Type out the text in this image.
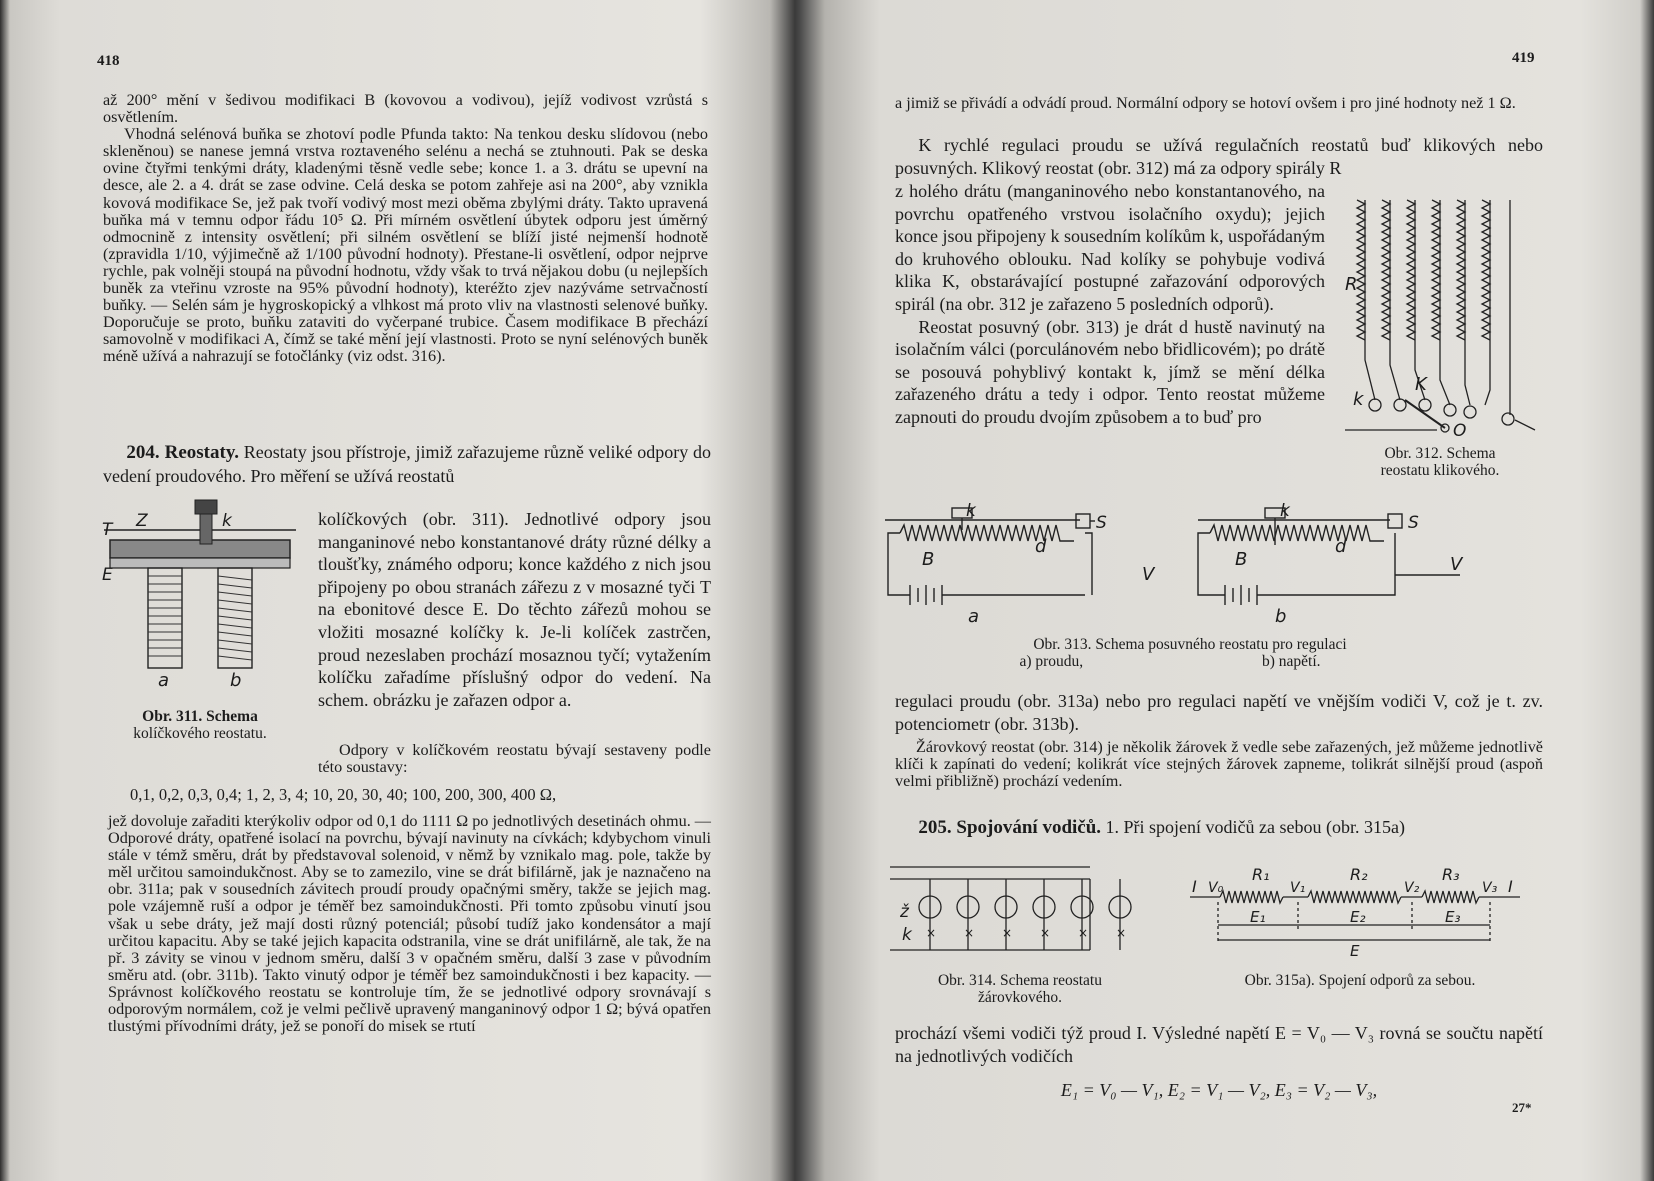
418

až 200° mění v šedivou modifikaci B (kovovou a vodivou), jejíž vodivost vzrůstá s osvětlením.

Vhodná selénová buňka se zhotoví podle Pfunda takto: Na tenkou desku slídovou (nebo skleněnou) se nanese jemná vrstva roztaveného selénu a nechá se ztuhnouti. Pak se deska ovine čtyřmi tenkými dráty, kladenými těsně vedle sebe; konce 1. a 3. drátu se upevní na desce, ale 2. a 4. drát se zase odvine. Celá deska se potom zahřeje asi na 200°, aby vznikla kovová modifikace Se, jež pak tvoří vodivý most mezi oběma zbylými dráty. Takto upravená buňka má v temnu odpor řádu 10⁵ Ω. Při mírném osvětlení úbytek odporu jest úměrný odmocnině z intensity osvětlení; při silném osvětlení se blíží jisté nejmenší hodnotě (zpravidla 1/10, výjimečně až 1/100 původní hodnoty). Přestane-li osvětlení, odpor nejprve rychle, pak volněji stoupá na původní hodnotu, vždy však to trvá nějakou dobu (u nejlepších buněk za vteřinu vzroste na 95% původní hodnoty), kteréžto zjev nazýváme setrvačností buňky. — Selén sám je hygroskopický a vlhkost má proto vliv na vlastnosti selenové buňky. Doporučuje se proto, buňku zataviti do vyčerpané trubice. Časem modifikace B přechází samovolně v modifikaci A, čímž se také mění její vlastnosti. Proto se nyní selénových buněk méně užívá a nahrazují se fotočlánky (viz odst. 316).

204. Reostaty. Reostaty jsou přístroje, jimiž zařazujeme různě veliké odpory do vedení proudového. Pro měření se užívá reostatů

T Z	k
E
a	b
Obr. 311. Schema
kolíčkového reostatu.

kolíčkových (obr. 311). Jednotlivé odpory jsou manganinové nebo konstantanové dráty různé délky a tloušťky, známého odporu; konce každého z nich jsou připojeny po obou stranách zářezu z v mosazné tyči T na ebonitové desce E. Do těchto zářezů mohou se vložiti mosazné kolíčky k. Je-li kolíček zastrčen, proud nezeslaben prochází mosaznou tyčí; vytažením kolíčku zařadíme příslušný odpor do vedení. Na schem. obrázku je zařazen odpor a.

Odpory v kolíčkovém reostatu bývají sestaveny podle této soustavy:

0,1, 0,2, 0,3, 0,4; 1, 2, 3, 4; 10, 20, 30, 40; 100, 200, 300, 400 Ω,

jež dovoluje zařaditi kterýkoliv odpor od 0,1 do 1111 Ω po jednotlivých desetinách ohmu. — Odporové dráty, opatřené isolací na povrchu, bývají navinuty na cívkách; kdybychom vinuli stále v témž směru, drát by představoval solenoid, v němž by vznikalo mag. pole, takže by měl určitou samoindukčnost. Aby se to zamezilo, vine se drát bifilárně, jak je naznačeno na obr. 311a; pak v sousedních závitech proudí proudy opačnými směry, takže se jejich mag. pole vzájemně ruší a odpor je téměř bez samoindukčnosti. Při tomto způsobu vinutí jsou však u sebe dráty, jež mají dosti různý potenciál; působí tudíž jako kondensátor a mají určitou kapacitu. Aby se také jejich kapacita odstranila, vine se drát unifilárně, ale tak, že na př. 3 závity se vinou v jednom směru, další 3 v opačném směru, další 3 zase v původním směru atd. (obr. 311b). Takto vinutý odpor je téměř bez samoindukčnosti i bez kapacity. — Správnost kolíčkového reostatu se kontroluje tím, že se jednotlivé odpory srovnávají s odporovým normálem, což je velmi pečlivě upravený manganinový odpor 1 Ω; bývá opatřen tlustými přívodními dráty, jež se ponoří do misek se rtutí

419

a jimiž se přivádí a odvádí proud. Normální odpory se hotoví ovšem i pro jiné hodnoty než 1 Ω.

K rychlé regulaci proudu se užívá regulačních reostatů buď klikových nebo posuvných. Klikový reostat (obr. 312) má za odpory spirály R

z holého drátu (manganinového nebo konstantanového, na povrchu opatřeného vrstvou isolačního oxydu); jejich konce jsou připojeny k sousedním kolíkům k, uspořádaným do kruhového oblouku. Nad kolíky se pohybuje vodivá klika K, obstarávající postupné zařazování odporových spirál (na obr. 312 je zařazeno 5 posledních odporů).

Reostat posuvný (obr. 313) je drát d hustě navinutý na isolačním válci (porculánovém nebo břidlicovém); po drátě se posouvá pohyblivý kontakt k, jímž se mění délka zařazeného drátu a tedy i odpor. Tento reostat můžeme zapnouti do proudu dvojím způsobem a to buď pro

R
k
K
O
Obr. 312. Schema
reostatu klikového.
k
S
d
B
V
a
k
S
d
B	V
b
Obr. 313. Schema posuvného reostatu pro regulaci
a) proudu,	b) napětí.

regulaci proudu (obr. 313a) nebo pro regulaci napětí ve vnějším vodiči V, což je t. zv. potenciometr (obr. 313b).

Žárovkový reostat (obr. 314) je několik žárovek ž vedle sebe zařazených, jež můžeme jednotlivě klíči k zapínati do vedení; kolikrát více stejných žárovek zapneme, tolikrát silnější proud (aspoň velmi přibližně) prochází vedením.

205. Spojování vodičů. 1. Při spojení vodičů za sebou (obr. 315a)

× × × × × ×
ž
k
Obr. 314. Schema reostatu
žárovkového.
I V₀
R₁
V₁
R₂
V₂
R₃
V₃ I
E₁	E₂	E₃
E
Obr. 315a). Spojení odporů za sebou.

prochází všemi vodiči týž proud I. Výsledné napětí E = V₀ — V₃ rovná se součtu napětí na jednotlivých vodičích

E₁ = V₀ — V₁, E₂ = V₁ — V₂, E₃ = V₂ — V₃,
27*
